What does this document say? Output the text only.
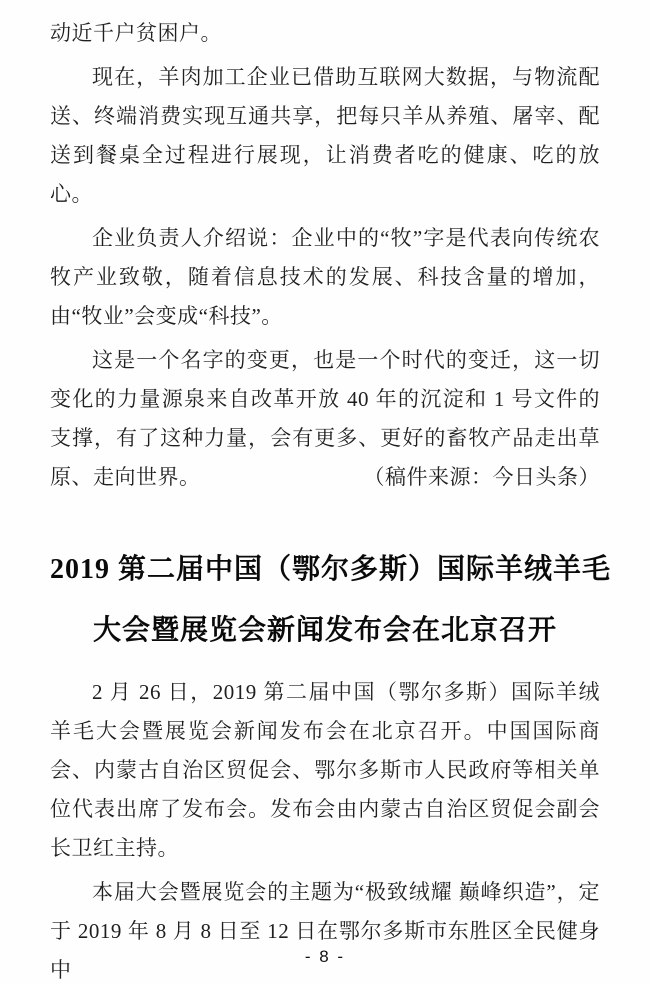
动近千户贫困户。

现在，羊肉加工企业已借助互联网大数据，与物流配送、终端消费实现互通共享，把每只羊从养殖、屠宰、配送到餐桌全过程进行展现，让消费者吃的健康、吃的放心。

企业负责人介绍说：企业中的“牧”字是代表向传统农牧产业致敬，随着信息技术的发展、科技含量的增加，由“牧业”会变成“科技”。

这是一个名字的变更，也是一个时代的变迁，这一切变化的力量源泉来自改革开放 40 年的沉淀和 1 号文件的支撑，有了这种力量，会有更多、更好的畜牧产品走出草原、走向世界。	（稿件来源：今日头条）

2019 第二届中国（鄂尔多斯）国际羊绒羊毛
大会暨展览会新闻发布会在北京召开

2 月 26 日，2019 第二届中国（鄂尔多斯）国际羊绒羊毛大会暨展览会新闻发布会在北京召开。中国国际商会、内蒙古自治区贸促会、鄂尔多斯市人民政府等相关单位代表出席了发布会。发布会由内蒙古自治区贸促会副会长卫红主持。

本届大会暨展览会的主题为“极致绒耀 巅峰织造”，定于 2019 年 8 月 8 日至 12 日在鄂尔多斯市东胜区全民健身中

- 8 -
